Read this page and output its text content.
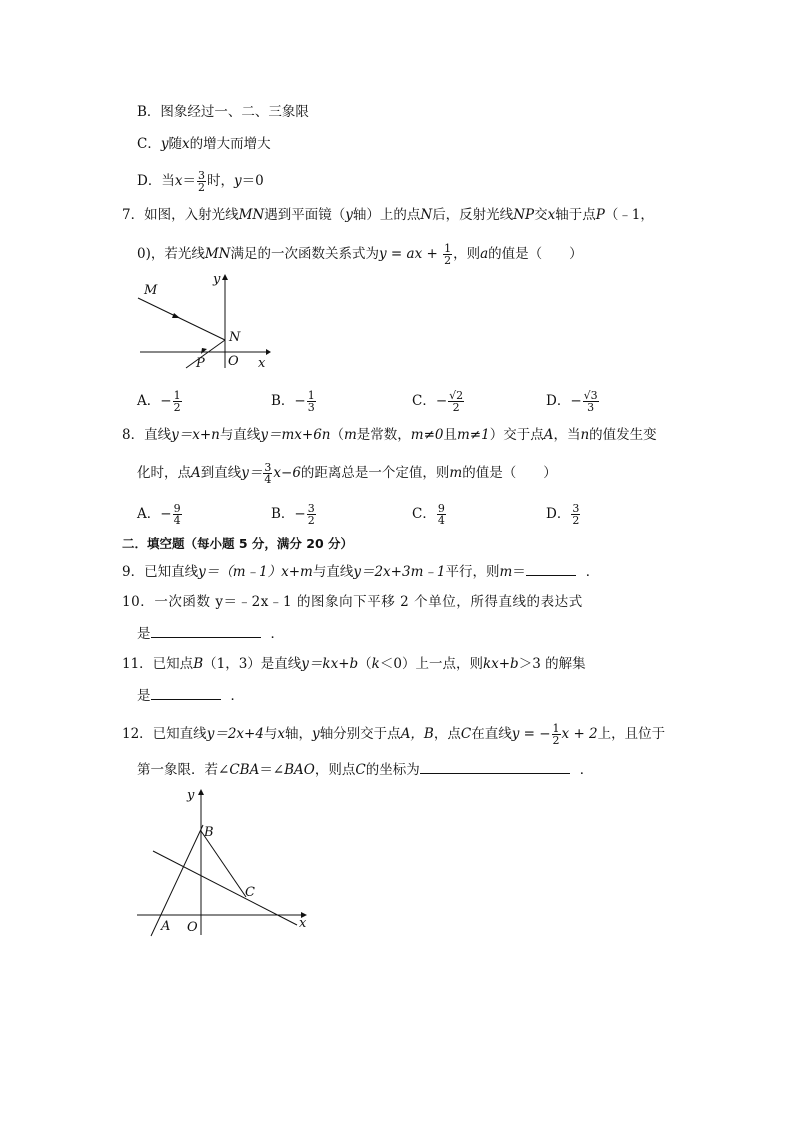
B．图象经过一、二、三象限
C．y随x的增大而增大
D．当$x= \frac{3}{2}$ 时，y＝0
7．如图，入射光线MN遇到平面镜（y轴）上的点N后，反射光线NP交x轴于点P（﹣1，
0)，若光线MN满足的一次函数关系式为y = ax + $\frac{1}{2}$ ，则a的值是（　　）
M
N
P O x
y
A．− $\frac{1}{2}$	B．− $\frac{1}{3}$	C．− $\frac{√2}{2}$	D．− $\frac{√3}{3}$
8．直线y＝x+n与直线y＝mx+6n（m是常数，m≠0且m≠1）交于点A，当n的值发生变
化时，点A到直线$y= \frac{3}{4} x-6$的距离总是一个定值，则m的值是（　　）
A．− $\frac{9}{4}$	B．− $\frac{3}{2}$	C． $\frac{9}{4}$	D． $\frac{3}{2}$
二．填空题（每小题 5 分，满分 20 分）
9．已知直线y＝（m﹣1）x+m与直线y＝2x+3m﹣1平行，则m＝	．
10．一次函数 y＝﹣2x﹣1 的图象向下平移 2 个单位，所得直线的表达式
是	．
11．已知点B（1，3）是直线y＝kx+b（k＜0）上一点，则kx+b＞3 的解集
是	．
12．已知直线y＝2x+4与x轴，y轴分别交于点A，B，点C在直线y = − $\frac{1}{2}$ x + 2上，且位于
第一象限．若∠CBA＝∠BAO，则点C的坐标为	．
y
B
C
A O	x
